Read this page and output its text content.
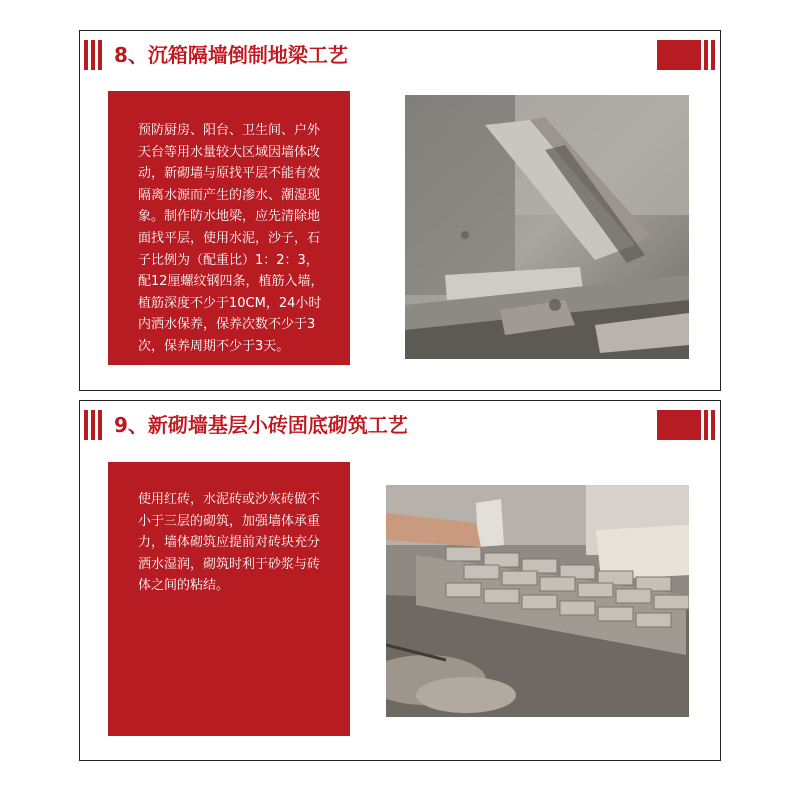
8、沉箱隔墙倒制地梁工艺
预防厨房、阳台、卫生间、户外天台等用水量较大区域因墙体改动，新砌墙与原找平层不能有效隔离水源而产生的渗水、潮湿现象。制作防水地梁，应先清除地面找平层，使用水泥，沙子，石子比例为（配重比）1：2：3，配12厘螺纹钢四条，植筋入墙，植筋深度不少于10CM，24小时内洒水保养，保养次数不少于3次，保养周期不少于3天。
9、新砌墙基层小砖固底砌筑工艺
使用红砖，水泥砖或沙灰砖做不小于三层的砌筑，加强墙体承重力，墙体砌筑应提前对砖块充分洒水湿润，砌筑时利于砂浆与砖体之间的粘结。
